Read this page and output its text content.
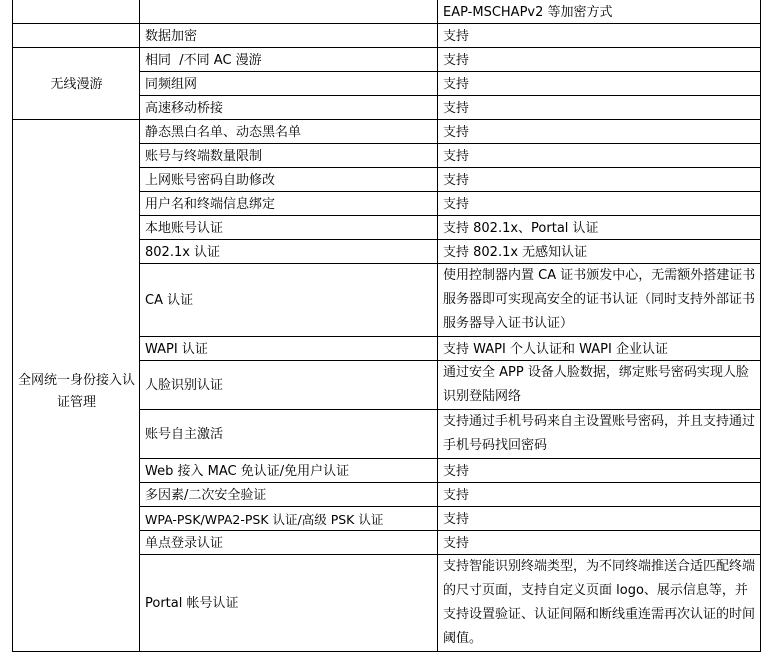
		EAP-MSCHAPv2 等加密方式
	数据加密	支持
无线漫游	相同  /不同 AC 漫游	支持
	同频组网	支持
	高速移动桥接	支持
全网统一身份接入认证管理	静态黑白名单、动态黑名单	支持
	账号与终端数量限制	支持
	上网账号密码自助修改	支持
	用户名和终端信息绑定	支持
	本地账号认证	支持 802.1x、Portal 认证
	802.1x 认证	支持 802.1x 无感知认证
	CA 认证	使用控制器内置 CA 证书颁发中心，无需额外搭建证书服务器即可实现高安全的证书认证（同时支持外部证书服务器导入证书认证）
	WAPI 认证	支持 WAPI 个人认证和 WAPI 企业认证
	人脸识别认证	通过安全 APP 设备人脸数据，绑定账号密码实现人脸识别登陆网络
	账号自主激活	支持通过手机号码来自主设置账号密码，并且支持通过手机号码找回密码
	Web 接入 MAC 免认证/免用户认证	支持
	多因素/二次安全验证	支持
	WPA-PSK/WPA2-PSK 认证/高级 PSK 认证	支持
	单点登录认证	支持
	Portal 帐号认证	支持智能识别终端类型，为不同终端推送合适匹配终端的尺寸页面，支持自定义页面 logo、展示信息等，并支持设置验证、认证间隔和断线重连需再次认证的时间阈值。
